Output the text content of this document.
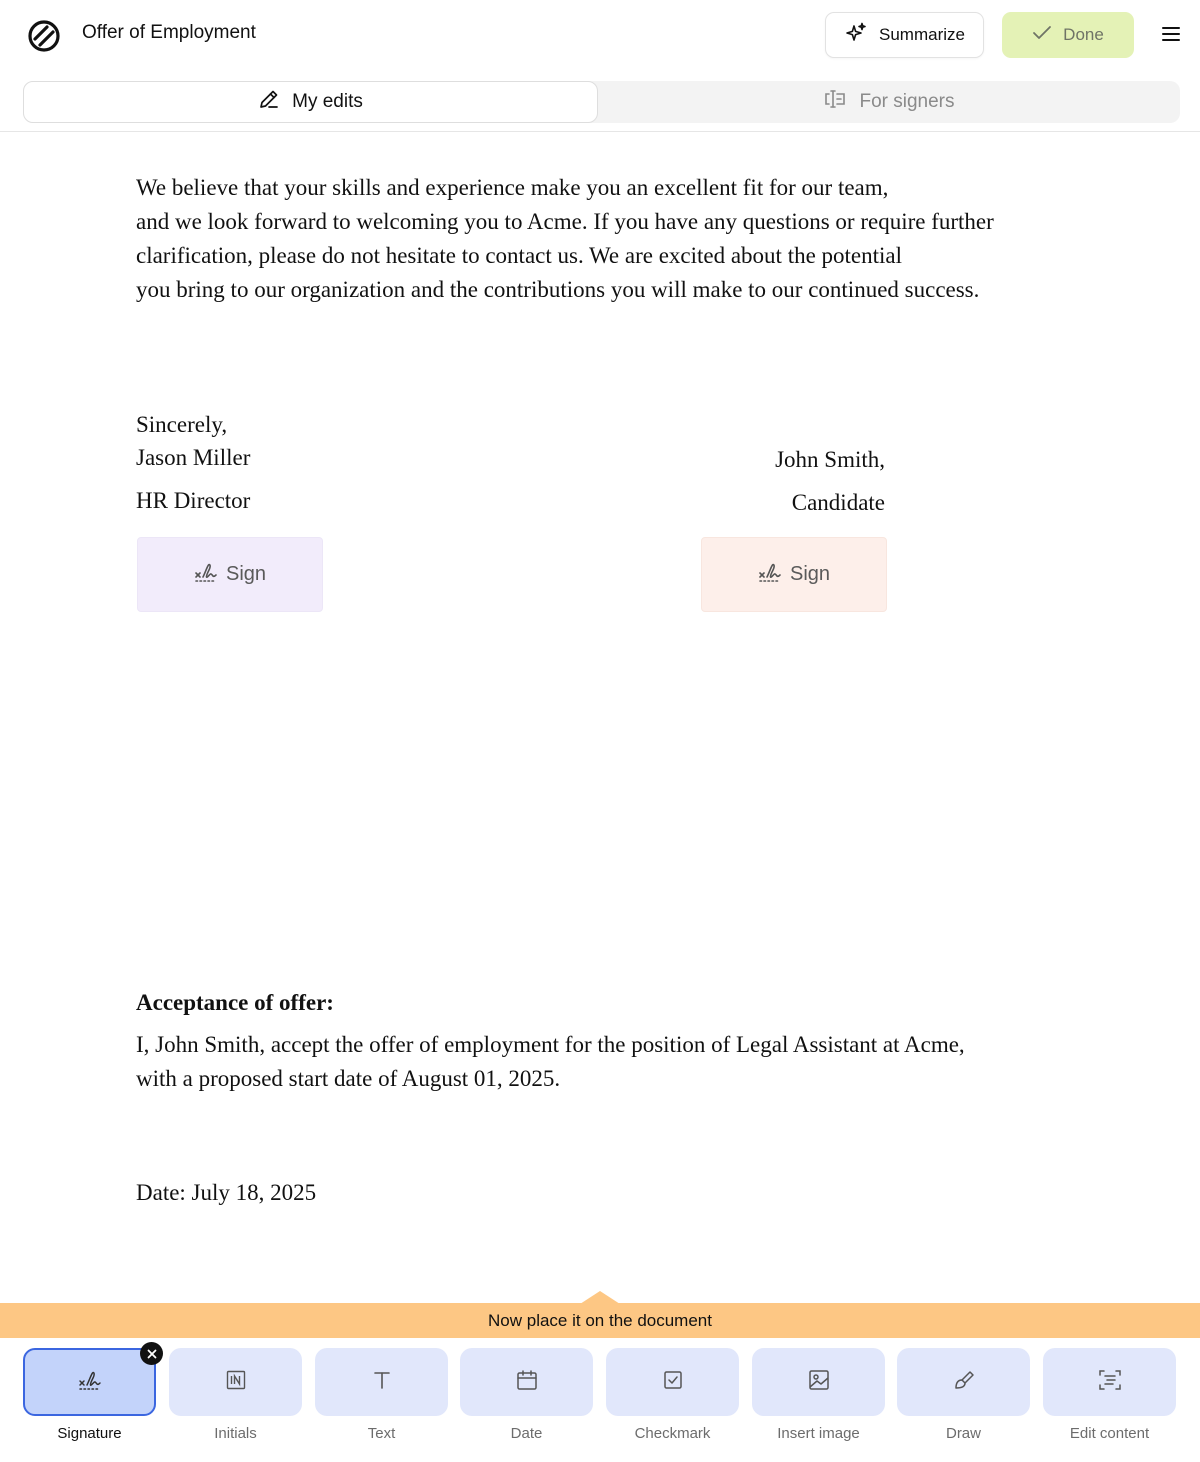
Offer of Employment	Summarize	Done
My edits	For signers
We believe that your skills and experience make you an excellent fit for our team,
and we look forward to welcoming you to Acme. If you have any questions or require further
clarification, please do not hesitate to contact us. We are excited about the potential
you bring to our organization and the contributions you will make to our continued success.
Sincerely,
Jason Miller
HR Director
John Smith,
Candidate
Sign	Sign
Acceptance of offer:
I, John Smith, accept the offer of employment for the position of Legal Assistant at Acme,
with a proposed start date of August 01, 2025.
Date: July 18, 2025
Now place it on the document
Signature	Initials	Text	Date	Checkmark	Insert image	Draw	Edit content
